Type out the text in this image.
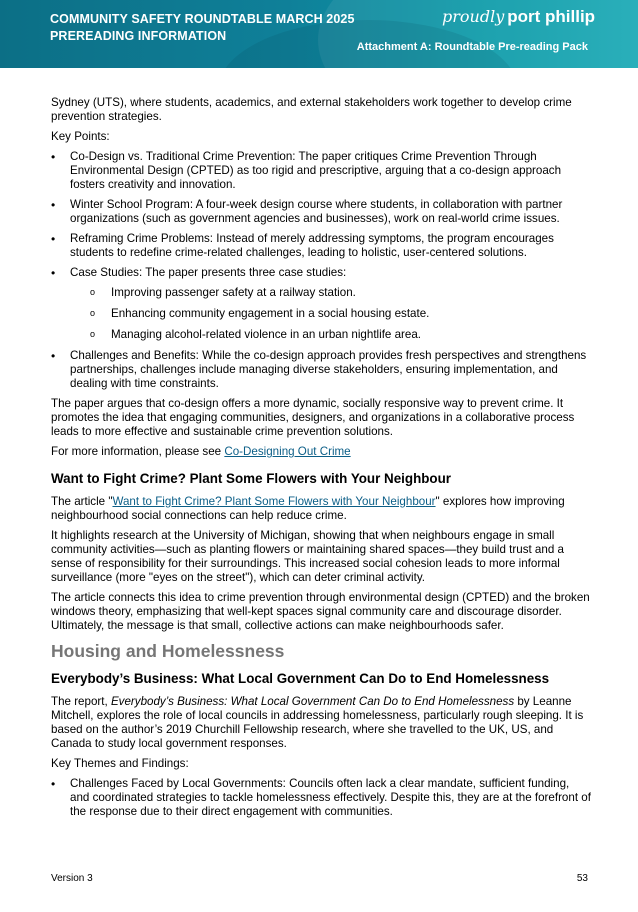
COMMUNITY SAFETY ROUNDTABLE MARCH 2025
PREREADING INFORMATION
proudly port phillip
Attachment A: Roundtable Pre-reading Pack

Sydney (UTS), where students, academics, and external stakeholders work together to develop crime prevention strategies.

Key Points:

• Co-Design vs. Traditional Crime Prevention: The paper critiques Crime Prevention Through Environmental Design (CPTED) as too rigid and prescriptive, arguing that a co-design approach fosters creativity and innovation.
• Winter School Program: A four-week design course where students, in collaboration with partner organizations (such as government agencies and businesses), work on real-world crime issues.
• Reframing Crime Problems: Instead of merely addressing symptoms, the program encourages students to redefine crime-related challenges, leading to holistic, user-centered solutions.
• Case Studies: The paper presents three case studies:
o Improving passenger safety at a railway station.
o Enhancing community engagement in a social housing estate.
o Managing alcohol-related violence in an urban nightlife area.
• Challenges and Benefits: While the co-design approach provides fresh perspectives and strengthens partnerships, challenges include managing diverse stakeholders, ensuring implementation, and dealing with time constraints.

The paper argues that co-design offers a more dynamic, socially responsive way to prevent crime. It promotes the idea that engaging communities, designers, and organizations in a collaborative process leads to more effective and sustainable crime prevention solutions.

For more information, please see Co-Designing Out Crime

Want to Fight Crime? Plant Some Flowers with Your Neighbour

The article "Want to Fight Crime? Plant Some Flowers with Your Neighbour" explores how improving neighbourhood social connections can help reduce crime.

It highlights research at the University of Michigan, showing that when neighbours engage in small community activities—such as planting flowers or maintaining shared spaces—they build trust and a sense of responsibility for their surroundings. This increased social cohesion leads to more informal surveillance (more "eyes on the street"), which can deter criminal activity.

The article connects this idea to crime prevention through environmental design (CPTED) and the broken windows theory, emphasizing that well-kept spaces signal community care and discourage disorder. Ultimately, the message is that small, collective actions can make neighbourhoods safer.

Housing and Homelessness
Everybody’s Business: What Local Government Can Do to End Homelessness

The report, Everybody’s Business: What Local Government Can Do to End Homelessness by Leanne Mitchell, explores the role of local councils in addressing homelessness, particularly rough sleeping. It is based on the author’s 2019 Churchill Fellowship research, where she travelled to the UK, US, and Canada to study local government responses.

Key Themes and Findings:

• Challenges Faced by Local Governments: Councils often lack a clear mandate, sufficient funding, and coordinated strategies to tackle homelessness effectively. Despite this, they are at the forefront of the response due to their direct engagement with communities.
Version 3	53
